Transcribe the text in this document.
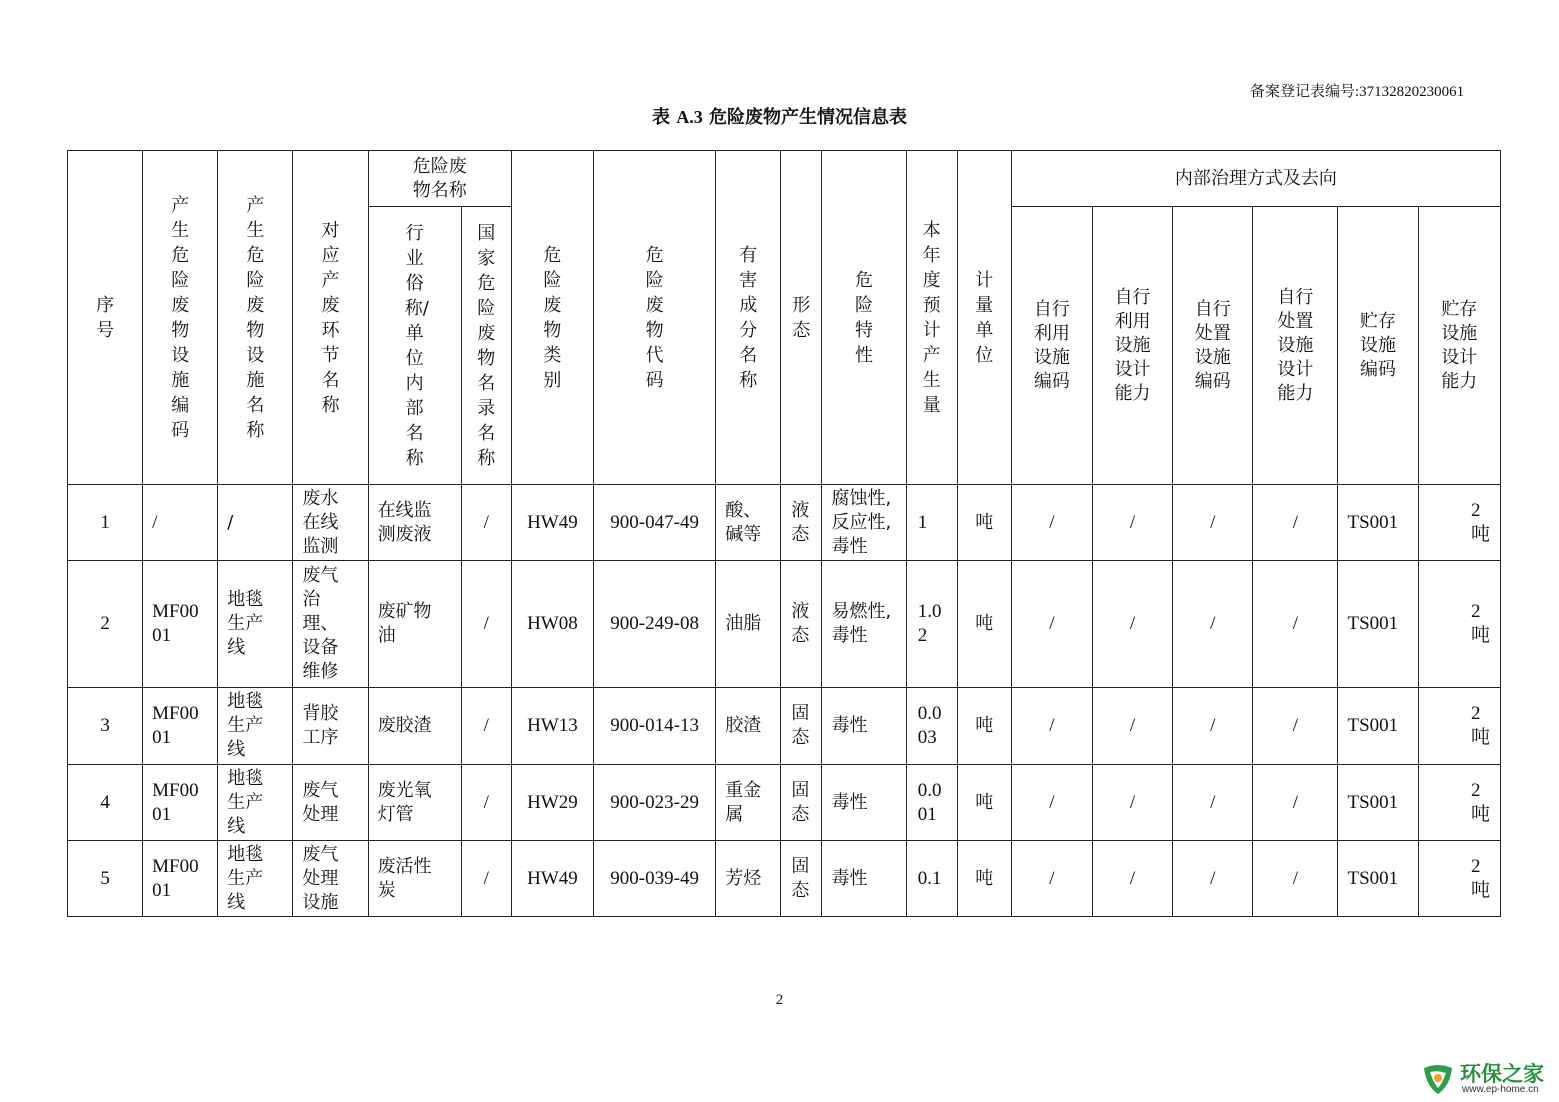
备案登记表编号:37132820230061
表 A.3 危险废物产生情况信息表
序号	产生危险废物设施编码	产生危险废物设施名称	对应产废环节名称	危险废物名称		危险废物类别	危险废物代码	有害成分名称	形态	危险特性	本年度预计产生量	计量单位	内部治理方式及去向					
				行业俗称/单位内部名称	国家危险废物名录名称								自行利用设施编码	自行利用设施设计能力	自行处置设施编码	自行处置设施设计能力	贮存设施编码	贮存设施设计能力
1	/	/	废水在线监测	在线监测废液	/	HW49	900-047-49	酸、碱等	液态	腐蚀性,反应性,毒性	1	吨	/	/	/	/	TS001	2吨
2	MF0001	地毯生产线	废气治理、设备维修	废矿物油	/	HW08	900-249-08	油脂	液态	易燃性,毒性	1.02	吨	/	/	/	/	TS001	2吨
3	MF0001	地毯生产线	背胶工序	废胶渣	/	HW13	900-014-13	胶渣	固态	毒性	0.003	吨	/	/	/	/	TS001	2吨
4	MF0001	地毯生产线	废气处理	废光氧灯管	/	HW29	900-023-29	重金属	固态	毒性	0.001	吨	/	/	/	/	TS001	2吨
5	MF0001	地毯生产线	废气处理设施	废活性炭	/	HW49	900-039-49	芳烃	固态	毒性	0.1	吨	/	/	/	/	TS001	2吨
2
环保之家
www.ep-home.cn
